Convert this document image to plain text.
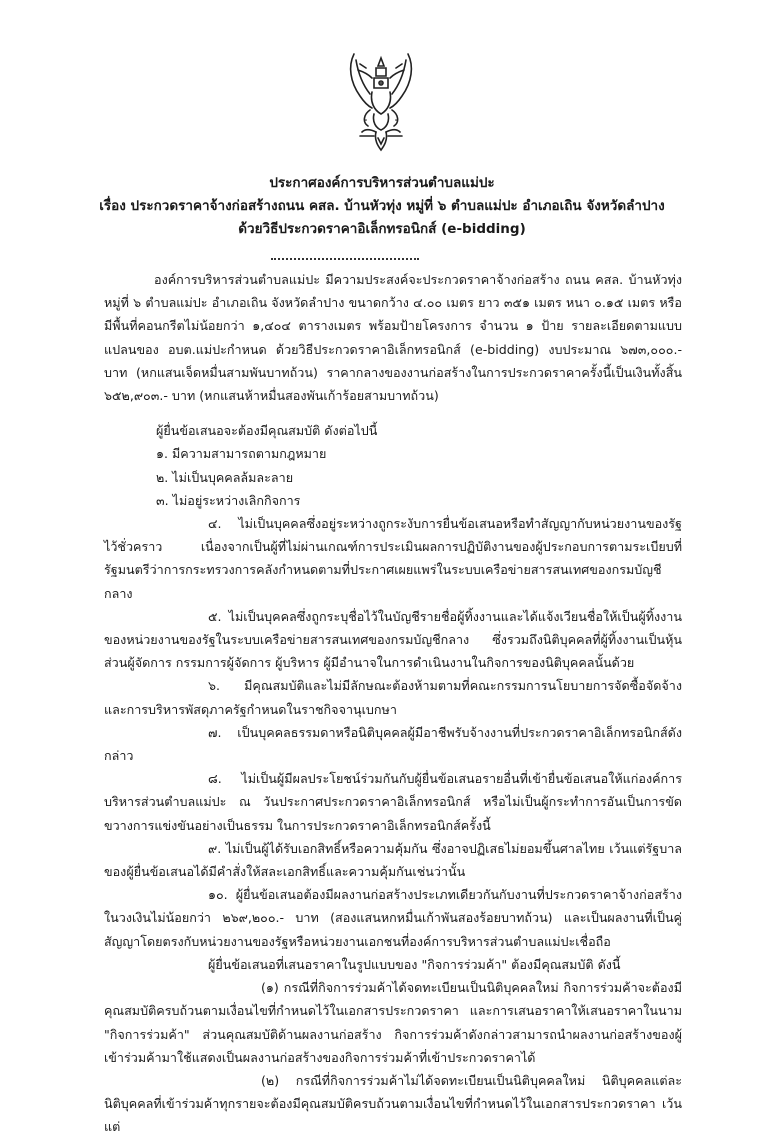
ประกาศองค์การบริหารส่วนตำบลแม่ปะ
เรื่อง ประกวดราคาจ้างก่อสร้างถนน คสล. บ้านหัวทุ่ง หมู่ที่ ๖ ตำบลแม่ปะ อำเภอเถิน จังหวัดลำปาง
ด้วยวิธีประกวดราคาอิเล็กทรอนิกส์ (e-bidding)

องค์การบริหารส่วนตำบลแม่ปะ มีความประสงค์จะประกวดราคาจ้างก่อสร้าง ถนน คสล. บ้านหัวทุ่ง หมู่ที่ ๖ ตำบลแม่ปะ อำเภอเถิน จังหวัดลำปาง ขนาดกว้าง ๔.๐๐ เมตร ยาว ๓๕๑ เมตร หนา ๐.๑๕ เมตร หรือมีพื้นที่คอนกรีตไม่น้อยกว่า ๑,๔๐๔ ตารางเมตร พร้อมป้ายโครงการ จำนวน ๑ ป้าย รายละเอียดตามแบบแปลนของ อบต.แม่ปะกำหนด ด้วยวิธีประกวดราคาอิเล็กทรอนิกส์ (e-bidding) งบประมาณ ๖๗๓,๐๐๐.- บาท (หกแสนเจ็ดหมื่นสามพันบาทถ้วน) ราคากลางของงานก่อสร้างในการประกวดราคาครั้งนี้เป็นเงินทั้งสิ้น ๖๕๒,๙๐๓.- บาท (หกแสนห้าหมื่นสองพันเก้าร้อยสามบาทถ้วน)

ผู้ยื่นข้อเสนอจะต้องมีคุณสมบัติ ดังต่อไปนี้

๑. มีความสามารถตามกฎหมาย

๒. ไม่เป็นบุคคลล้มละลาย

๓. ไม่อยู่ระหว่างเลิกกิจการ

๔. ไม่เป็นบุคคลซึ่งอยู่ระหว่างถูกระงับการยื่นข้อเสนอหรือทำสัญญากับหน่วยงานของรัฐไว้ชั่วคราว เนื่องจากเป็นผู้ที่ไม่ผ่านเกณฑ์การประเมินผลการปฏิบัติงานของผู้ประกอบการตามระเบียบที่รัฐมนตรีว่าการกระทรวงการคลังกำหนดตามที่ประกาศเผยแพร่ในระบบเครือข่ายสารสนเทศของกรมบัญชีกลาง

๕. ไม่เป็นบุคคลซึ่งถูกระบุชื่อไว้ในบัญชีรายชื่อผู้ทิ้งงานและได้แจ้งเวียนชื่อให้เป็นผู้ทิ้งงานของหน่วยงานของรัฐในระบบเครือข่ายสารสนเทศของกรมบัญชีกลาง ซึ่งรวมถึงนิติบุคคลที่ผู้ทิ้งงานเป็นหุ้นส่วนผู้จัดการ กรรมการผู้จัดการ ผู้บริหาร ผู้มีอำนาจในการดำเนินงานในกิจการของนิติบุคคลนั้นด้วย

๖. มีคุณสมบัติและไม่มีลักษณะต้องห้ามตามที่คณะกรรมการนโยบายการจัดซื้อจัดจ้างและการบริหารพัสดุภาครัฐกำหนดในราชกิจจานุเบกษา

๗. เป็นบุคคลธรรมดาหรือนิติบุคคลผู้มีอาชีพรับจ้างงานที่ประกวดราคาอิเล็กทรอนิกส์ดังกล่าว

๘. ไม่เป็นผู้มีผลประโยชน์ร่วมกันกับผู้ยื่นข้อเสนอรายอื่นที่เข้ายื่นข้อเสนอให้แก่องค์การบริหารส่วนตำบลแม่ปะ ณ วันประกาศประกวดราคาอิเล็กทรอนิกส์ หรือไม่เป็นผู้กระทำการอันเป็นการขัดขวางการแข่งขันอย่างเป็นธรรม ในการประกวดราคาอิเล็กทรอนิกส์ครั้งนี้

๙. ไม่เป็นผู้ได้รับเอกสิทธิ์หรือความคุ้มกัน ซึ่งอาจปฏิเสธไม่ยอมขึ้นศาลไทย เว้นแต่รัฐบาลของผู้ยื่นข้อเสนอได้มีคำสั่งให้สละเอกสิทธิ์และความคุ้มกันเช่นว่านั้น

๑๐. ผู้ยื่นข้อเสนอต้องมีผลงานก่อสร้างประเภทเดียวกันกับงานที่ประกวดราคาจ้างก่อสร้างในวงเงินไม่น้อยกว่า ๒๖๙,๒๐๐.- บาท (สองแสนหกหมื่นเก้าพันสองร้อยบาทถ้วน) และเป็นผลงานที่เป็นคู่สัญญาโดยตรงกับหน่วยงานของรัฐหรือหน่วยงานเอกชนที่องค์การบริหารส่วนตำบลแม่ปะเชื่อถือ

ผู้ยื่นข้อเสนอที่เสนอราคาในรูปแบบของ "กิจการร่วมค้า" ต้องมีคุณสมบัติ ดังนี้

(๑) กรณีที่กิจการร่วมค้าได้จดทะเบียนเป็นนิติบุคคลใหม่ กิจการร่วมค้าจะต้องมีคุณสมบัติครบถ้วนตามเงื่อนไขที่กำหนดไว้ในเอกสารประกวดราคา และการเสนอราคาให้เสนอราคาในนาม "กิจการร่วมค้า" ส่วนคุณสมบัติด้านผลงานก่อสร้าง กิจการร่วมค้าดังกล่าวสามารถนำผลงานก่อสร้างของผู้เข้าร่วมค้ามาใช้แสดงเป็นผลงานก่อสร้างของกิจการร่วมค้าที่เข้าประกวดราคาได้

(๒) กรณีที่กิจการร่วมค้าไม่ได้จดทะเบียนเป็นนิติบุคคลใหม่ นิติบุคคลแต่ละนิติบุคคลที่เข้าร่วมค้าทุกรายจะต้องมีคุณสมบัติครบถ้วนตามเงื่อนไขที่กำหนดไว้ในเอกสารประกวดราคา เว้นแต่
